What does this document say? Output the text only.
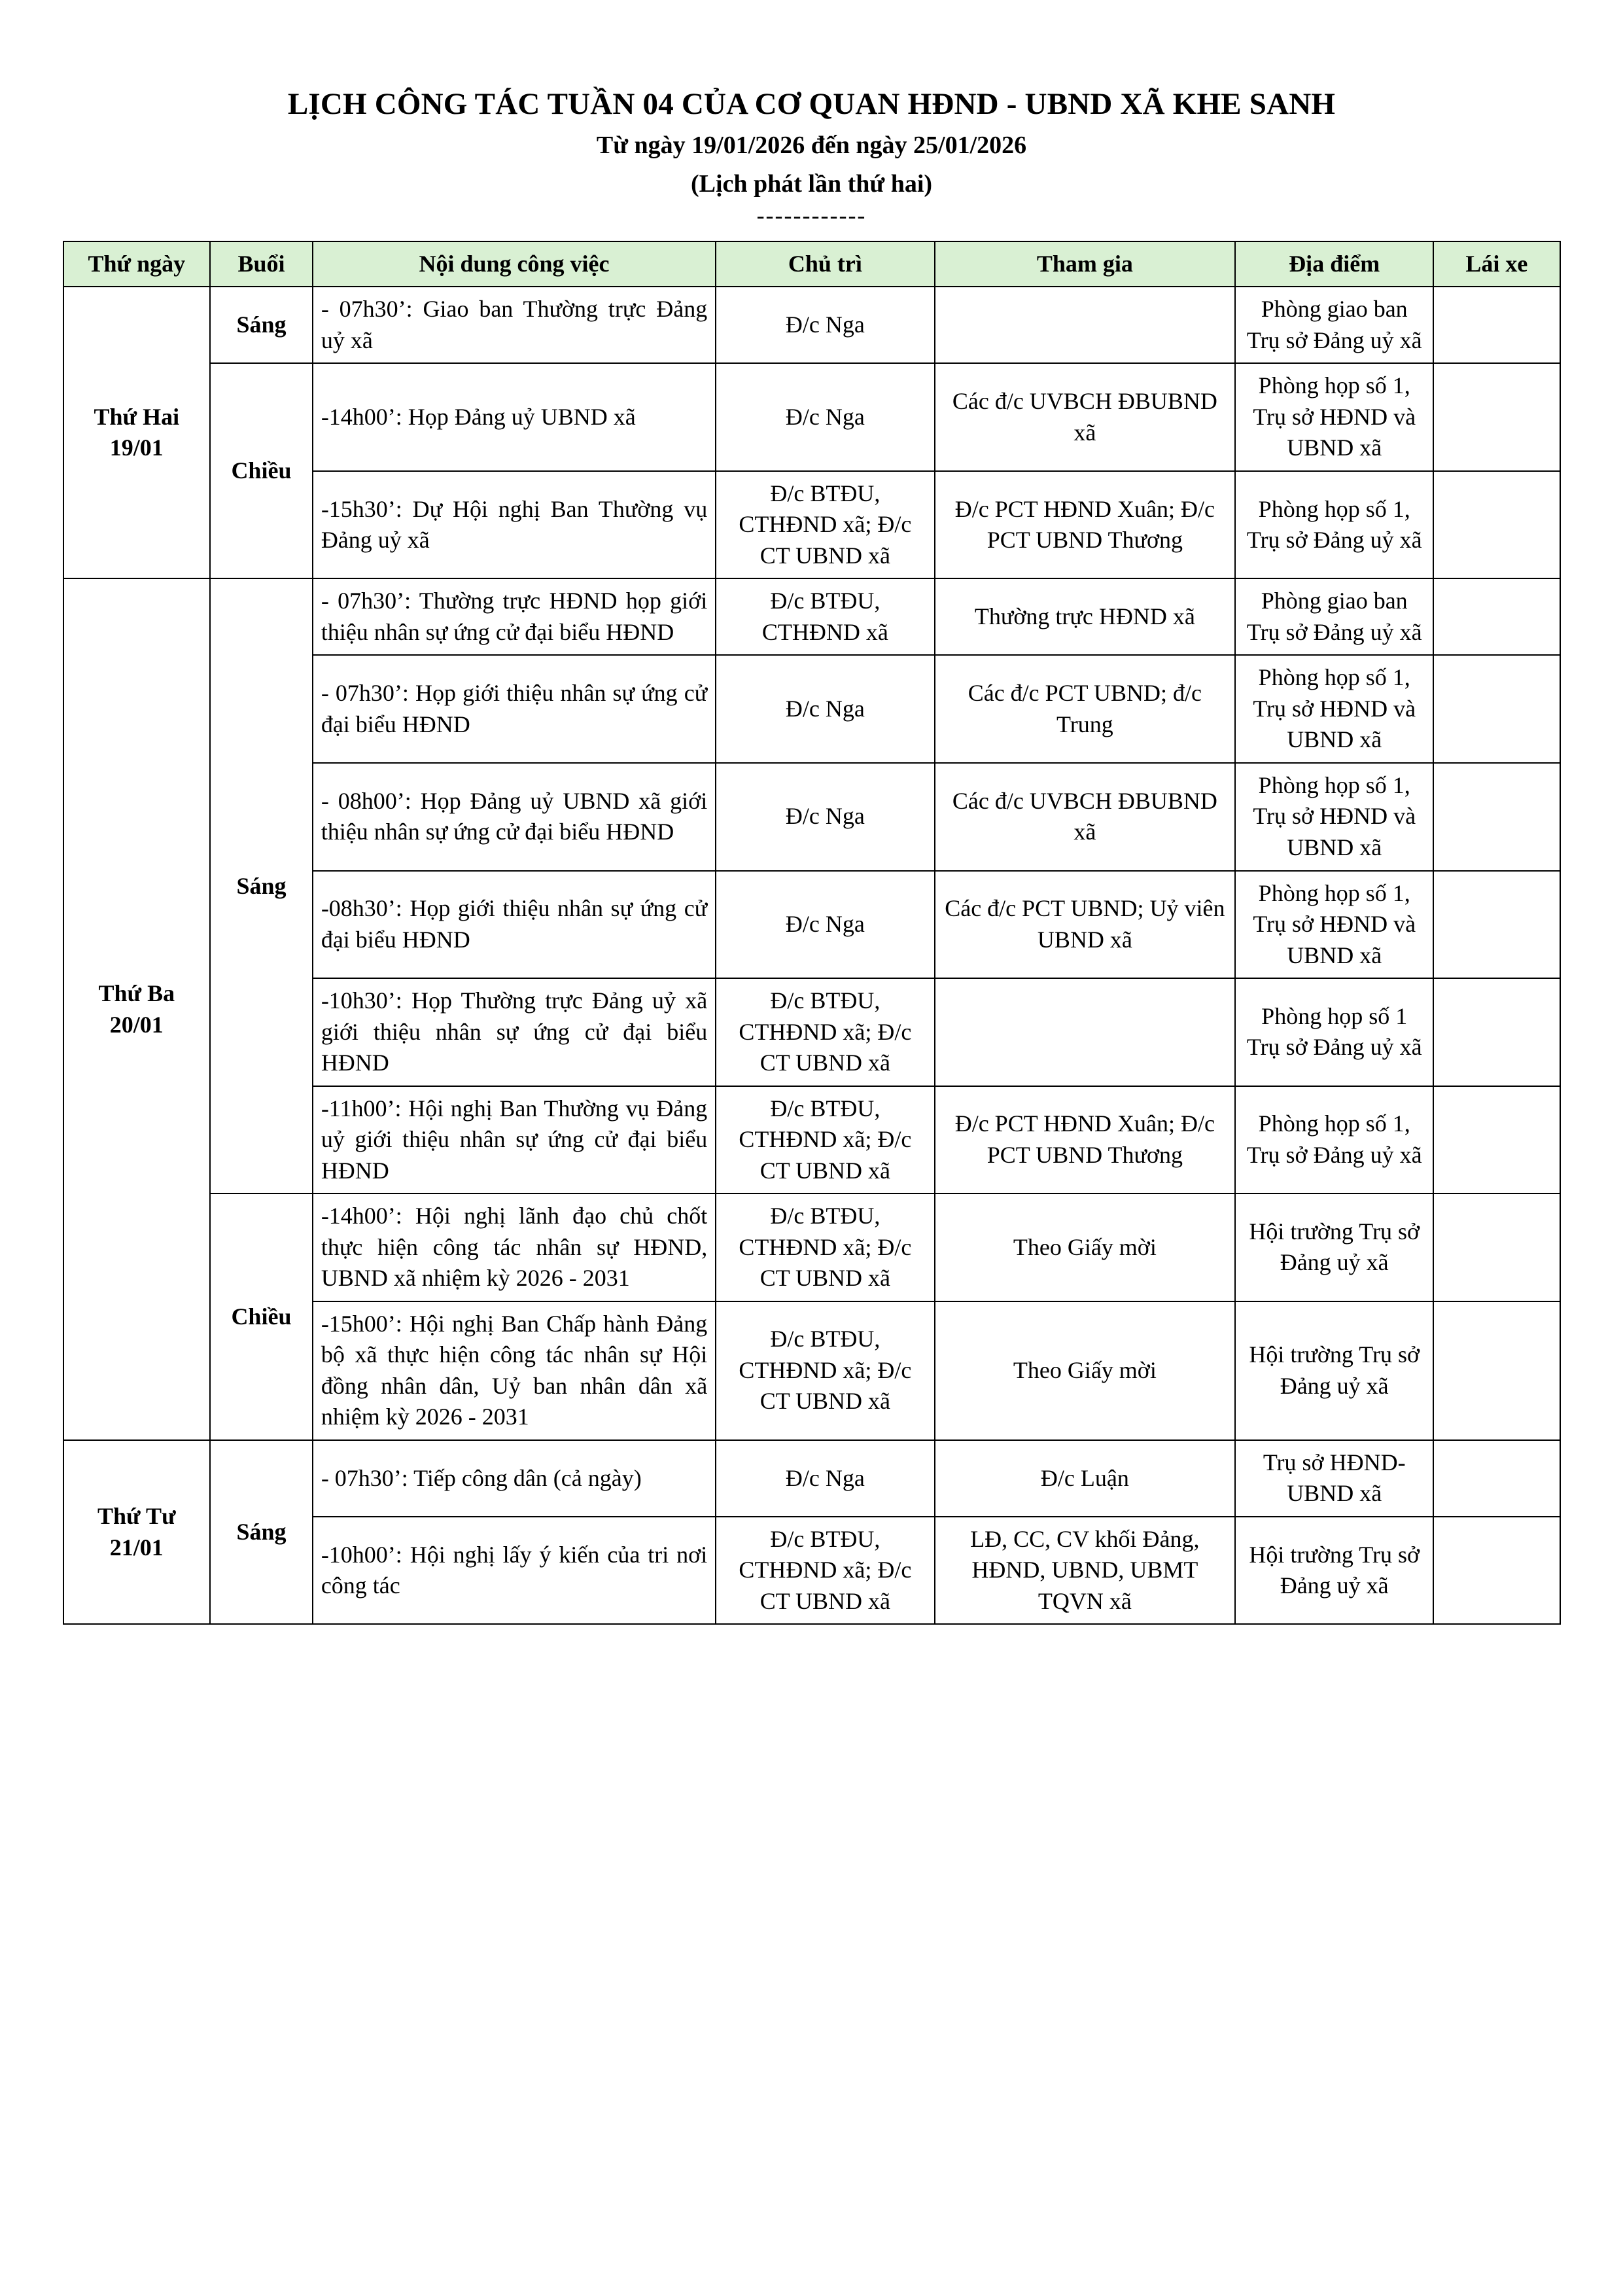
LỊCH CÔNG TÁC TUẦN 04 CỦA CƠ QUAN HĐND - UBND XÃ KHE SANH
Từ ngày 19/01/2026 đến ngày 25/01/2026
(Lịch phát lần thứ hai)
------------
Thứ ngày	Buổi	Nội dung công việc	Chủ trì	Tham gia	Địa điểm	Lái xe

Thứ Hai
19/01	Sáng	- 07h30’: Giao ban Thường trực Đảng uỷ xã	Đ/c Nga		Phòng giao ban Trụ sở Đảng uỷ xã	
	Chiều	-14h00’: Họp Đảng uỷ UBND xã	Đ/c Nga	Các đ/c UVBCH ĐBUBND xã	Phòng họp số 1, Trụ sở HĐND và UBND xã	
		-15h30’: Dự Hội nghị Ban Thường vụ Đảng uỷ xã	Đ/c BTĐU, CTHĐND xã; Đ/c CT UBND xã	Đ/c PCT HĐND Xuân; Đ/c PCT UBND Thương	Phòng họp số 1, Trụ sở Đảng uỷ xã	

Thứ Ba
20/01	Sáng	- 07h30’: Thường trực HĐND họp giới thiệu nhân sự ứng cử đại biểu HĐND	Đ/c BTĐU, CTHĐND xã	Thường trực HĐND xã	Phòng giao ban Trụ sở Đảng uỷ xã	
		- 07h30’: Họp giới thiệu nhân sự ứng cử đại biểu HĐND	Đ/c Nga	Các đ/c PCT UBND; đ/c Trung	Phòng họp số 1, Trụ sở HĐND và UBND xã	
		- 08h00’: Họp Đảng uỷ UBND xã giới thiệu nhân sự ứng cử đại biểu HĐND	Đ/c Nga	Các đ/c UVBCH ĐBUBND xã	Phòng họp số 1, Trụ sở HĐND và UBND xã	
		-08h30’: Họp giới thiệu nhân sự ứng cử đại biểu HĐND	Đ/c Nga	Các đ/c PCT UBND; Uỷ viên UBND xã	Phòng họp số 1, Trụ sở HĐND và UBND xã	
		-10h30’: Họp Thường trực Đảng uỷ xã giới thiệu nhân sự ứng cử đại biểu HĐND	Đ/c BTĐU, CTHĐND xã; Đ/c CT UBND xã		Phòng họp số 1 Trụ sở Đảng uỷ xã	
		-11h00’: Hội nghị Ban Thường vụ Đảng uỷ giới thiệu nhân sự ứng cử đại biểu HĐND	Đ/c BTĐU, CTHĐND xã; Đ/c CT UBND xã	Đ/c PCT HĐND Xuân; Đ/c PCT UBND Thương	Phòng họp số 1, Trụ sở Đảng uỷ xã	
	Chiều	-14h00’: Hội nghị lãnh đạo chủ chốt thực hiện công tác nhân sự HĐND, UBND xã nhiệm kỳ 2026 - 2031	Đ/c BTĐU, CTHĐND xã; Đ/c CT UBND xã	Theo Giấy mời	Hội trường Trụ sở Đảng uỷ xã	
		-15h00’: Hội nghị Ban Chấp hành Đảng bộ xã thực hiện công tác nhân sự Hội đồng nhân dân, Uỷ ban nhân dân xã nhiệm kỳ 2026 - 2031	Đ/c BTĐU, CTHĐND xã; Đ/c CT UBND xã	Theo Giấy mời	Hội trường Trụ sở Đảng uỷ xã	

Thứ Tư
21/01	Sáng	- 07h30’: Tiếp công dân (cả ngày)	Đ/c Nga	Đ/c Luận	Trụ sở HĐND-UBND xã	
		-10h00’: Hội nghị lấy ý kiến của tri nơi công tác	Đ/c BTĐU, CTHĐND xã; Đ/c CT UBND xã	LĐ, CC, CV khối Đảng, HĐND, UBND, UBMT TQVN xã	Hội trường Trụ sở Đảng uỷ xã	
